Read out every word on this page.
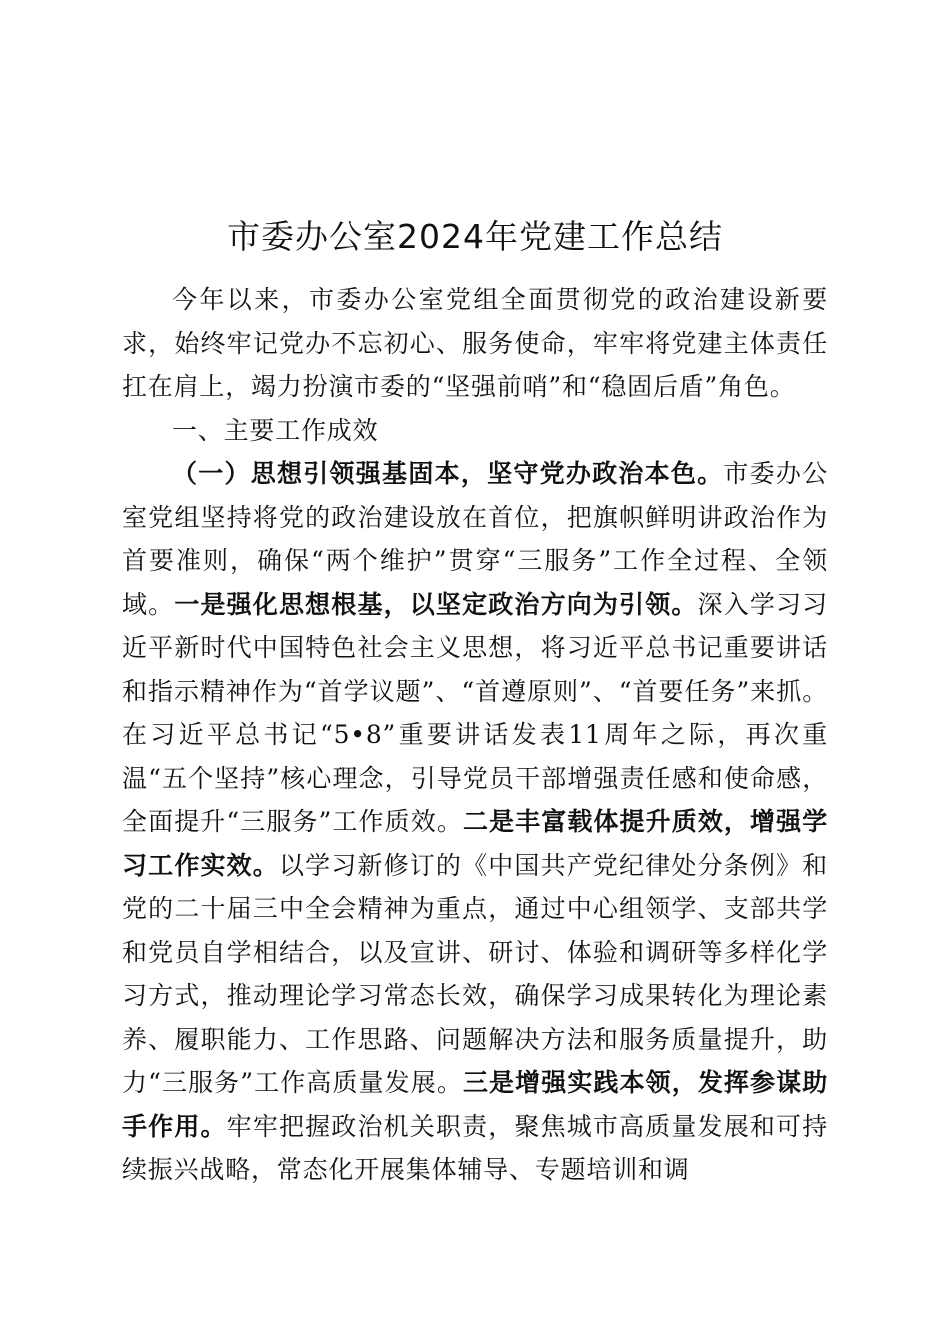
市委办公室2024年党建工作总结

今年以来，市委办公室党组全面贯彻党的政治建设新要求，始终牢记党办不忘初心、服务使命，牢牢将党建主体责任扛在肩上，竭力扮演市委的“坚强前哨”和“稳固后盾”角色。

一、主要工作成效

（一）思想引领强基固本，坚守党办政治本色。市委办公室党组坚持将党的政治建设放在首位，把旗帜鲜明讲政治作为首要准则，确保“两个维护”贯穿“三服务”工作全过程、全领域。一是强化思想根基，以坚定政治方向为引领。深入学习习近平新时代中国特色社会主义思想，将习近平总书记重要讲话和指示精神作为“首学议题”、“首遵原则”、“首要任务”来抓。在习近平总书记“5•8”重要讲话发表11周年之际，再次重温“五个坚持”核心理念，引导党员干部增强责任感和使命感，全面提升“三服务”工作质效。二是丰富载体提升质效，增强学习工作实效。以学习新修订的《中国共产党纪律处分条例》和党的二十届三中全会精神为重点，通过中心组领学、支部共学和党员自学相结合，以及宣讲、研讨、体验和调研等多样化学习方式，推动理论学习常态长效，确保学习成果转化为理论素养、履职能力、工作思路、问题解决方法和服务质量提升，助力“三服务”工作高质量发展。三是增强实践本领，发挥参谋助手作用。牢牢把握政治机关职责，聚焦城市高质量发展和可持续振兴战略，常态化开展集体辅导、专题培训和调
